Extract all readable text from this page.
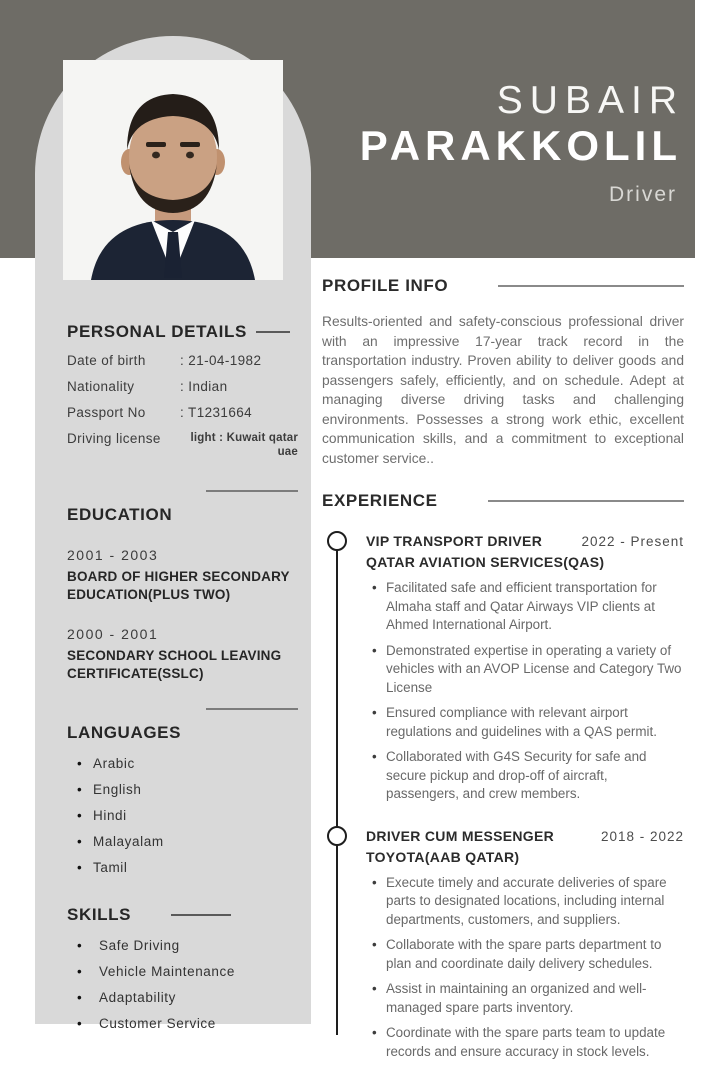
SUBAIR
PARAKKOLIL
Driver
PERSONAL DETAILS
Date of birth	: 21-04-1982
Nationality	: Indian
Passport No	: T1231664
Driving license	light : Kuwait qatar uae
EDUCATION
2001 - 2003
BOARD OF HIGHER SECONDARY EDUCATION(PLUS TWO)
2000 - 2001
SECONDARY SCHOOL LEAVING CERTIFICATE(SSLC)
LANGUAGES
• Arabic
• English
• Hindi
• Malayalam
• Tamil
SKILLS
• Safe Driving
• Vehicle Maintenance
• Adaptability
• Customer Service
PROFILE INFO

Results-oriented and safety-conscious professional driver with an impressive 17-year track record in the transportation industry. Proven ability to deliver goods and passengers safely, efficiently, and on schedule. Adept at managing diverse driving tasks and challenging environments. Possesses a strong work ethic, excellent communication skills, and a commitment to exceptional customer service..

EXPERIENCE
VIP TRANSPORT DRIVER	2022 - Present
QATAR AVIATION SERVICES(QAS)
• Facilitated safe and efficient transportation for Almaha staff and Qatar Airways VIP clients at Ahmed International Airport.
• Demonstrated expertise in operating a variety of vehicles with an AVOP License and Category Two License
• Ensured compliance with relevant airport regulations and guidelines with a QAS permit.
• Collaborated with G4S Security for safe and secure pickup and drop-off of aircraft, passengers, and crew members.
DRIVER CUM MESSENGER	2018 - 2022
TOYOTA(AAB QATAR)
• Execute timely and accurate deliveries of spare parts to designated locations, including internal departments, customers, and suppliers.
• Collaborate with the spare parts department to plan and coordinate daily delivery schedules.
• Assist in maintaining an organized and well-managed spare parts inventory.
• Coordinate with the spare parts team to update records and ensure accuracy in stock levels.
